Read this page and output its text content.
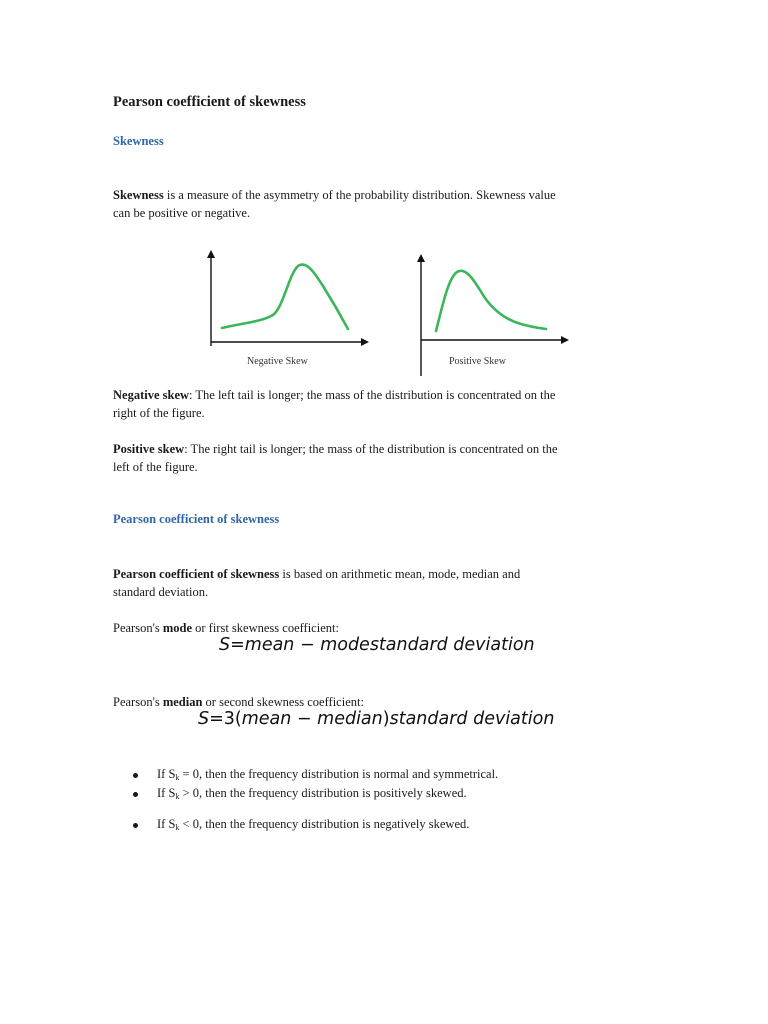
Pearson coefficient of skewness
Skewness
Skewness is a measure of the asymmetry of the probability distribution. Skewness value
can be positive or negative.
Negative Skew	Positive Skew
Negative skew: The left tail is longer; the mass of the distribution is concentrated on the
right of the figure.
Positive skew: The right tail is longer; the mass of the distribution is concentrated on the
left of the figure.
Pearson coefficient of skewness
Pearson coefficient of skewness is based on arithmetic mean, mode, median and
standard deviation.
Pearson's mode or first skewness coefficient:
S=mean − modestandard deviation
Pearson's median or second skewness coefficient:
S=3(mean − median)standard deviation
If $S_k = 0$, then the frequency distribution is normal and symmetrical.
If $S_k > 0$, then the frequency distribution is positively skewed.
If $S_k < 0$, then the frequency distribution is negatively skewed.
